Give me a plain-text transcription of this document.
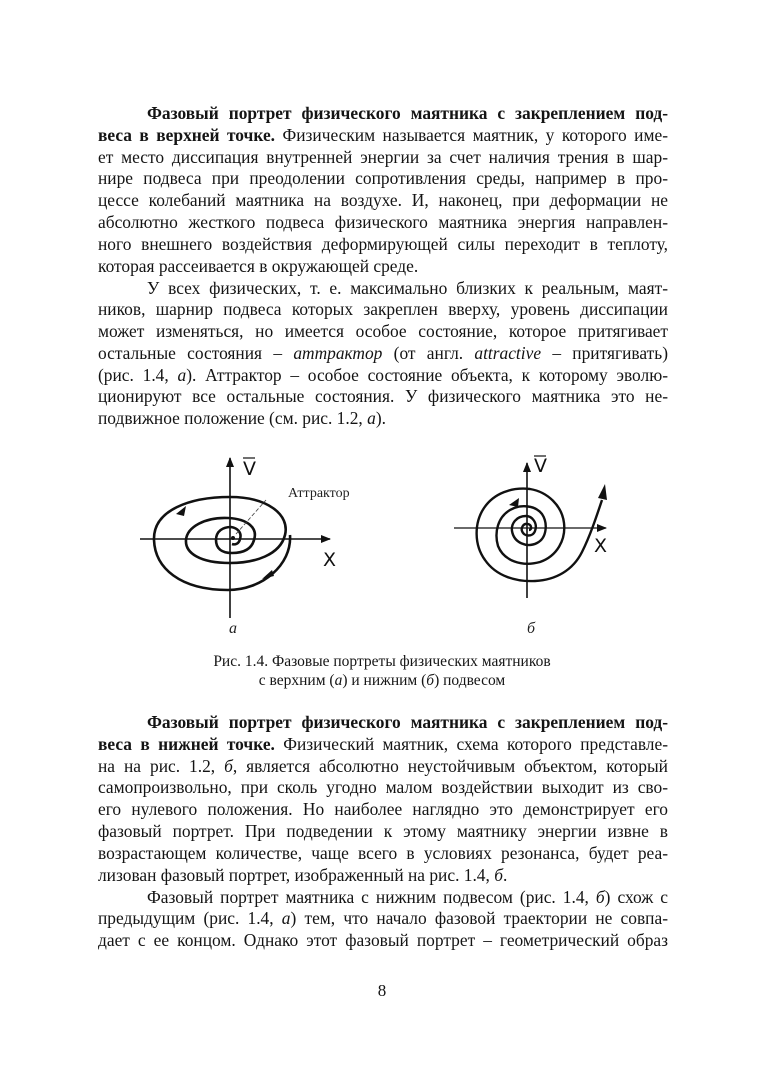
Фазовый портрет физического маятника с закреплением под-
веса в верхней точке. Физическим называется маятник, у которого име-
ет место диссипация внутренней энергии за счет наличия трения в шар-
нире подвеса при преодолении сопротивления среды, например в про-
цессе колебаний маятника на воздухе. И, наконец, при деформации не
абсолютно жесткого подвеса физического маятника энергия направлен-
ного внешнего воздействия деформирующей силы переходит в теплоту,
которая рассеивается в окружающей среде.
У всех физических, т. е. максимально близких к реальным, маят-
ников, шарнир подвеса которых закреплен вверху, уровень диссипации
может изменяться, но имеется особое состояние, которое притягивает
остальные состояния – аттрактор (от англ. attractive – притягивать)
(рис. 1.4, а). Аттрактор – особое состояние объекта, к которому эволю-
ционируют все остальные состояния. У физического маятника это не-
подвижное положение (см. рис. 1.2, а).
V
X
Аттрактор
V
X
а	б
Рис. 1.4. Фазовые портреты физических маятников
с верхним (а) и нижним (б) подвесом
Фазовый портрет физического маятника с закреплением под-
веса в нижней точке. Физический маятник, схема которого представле-
на на рис. 1.2, б, является абсолютно неустойчивым объектом, который
самопроизвольно, при сколь угодно малом воздействии выходит из сво-
его нулевого положения. Но наиболее наглядно это демонстрирует его
фазовый портрет. При подведении к этому маятнику энергии извне в
возрастающем количестве, чаще всего в условиях резонанса, будет реа-
лизован фазовый портрет, изображенный на рис. 1.4, б.
Фазовый портрет маятника с нижним подвесом (рис. 1.4, б) схож с
предыдущим (рис. 1.4, а) тем, что начало фазовой траектории не совпа-
дает с ее концом. Однако этот фазовый портрет – геометрический образ
8
